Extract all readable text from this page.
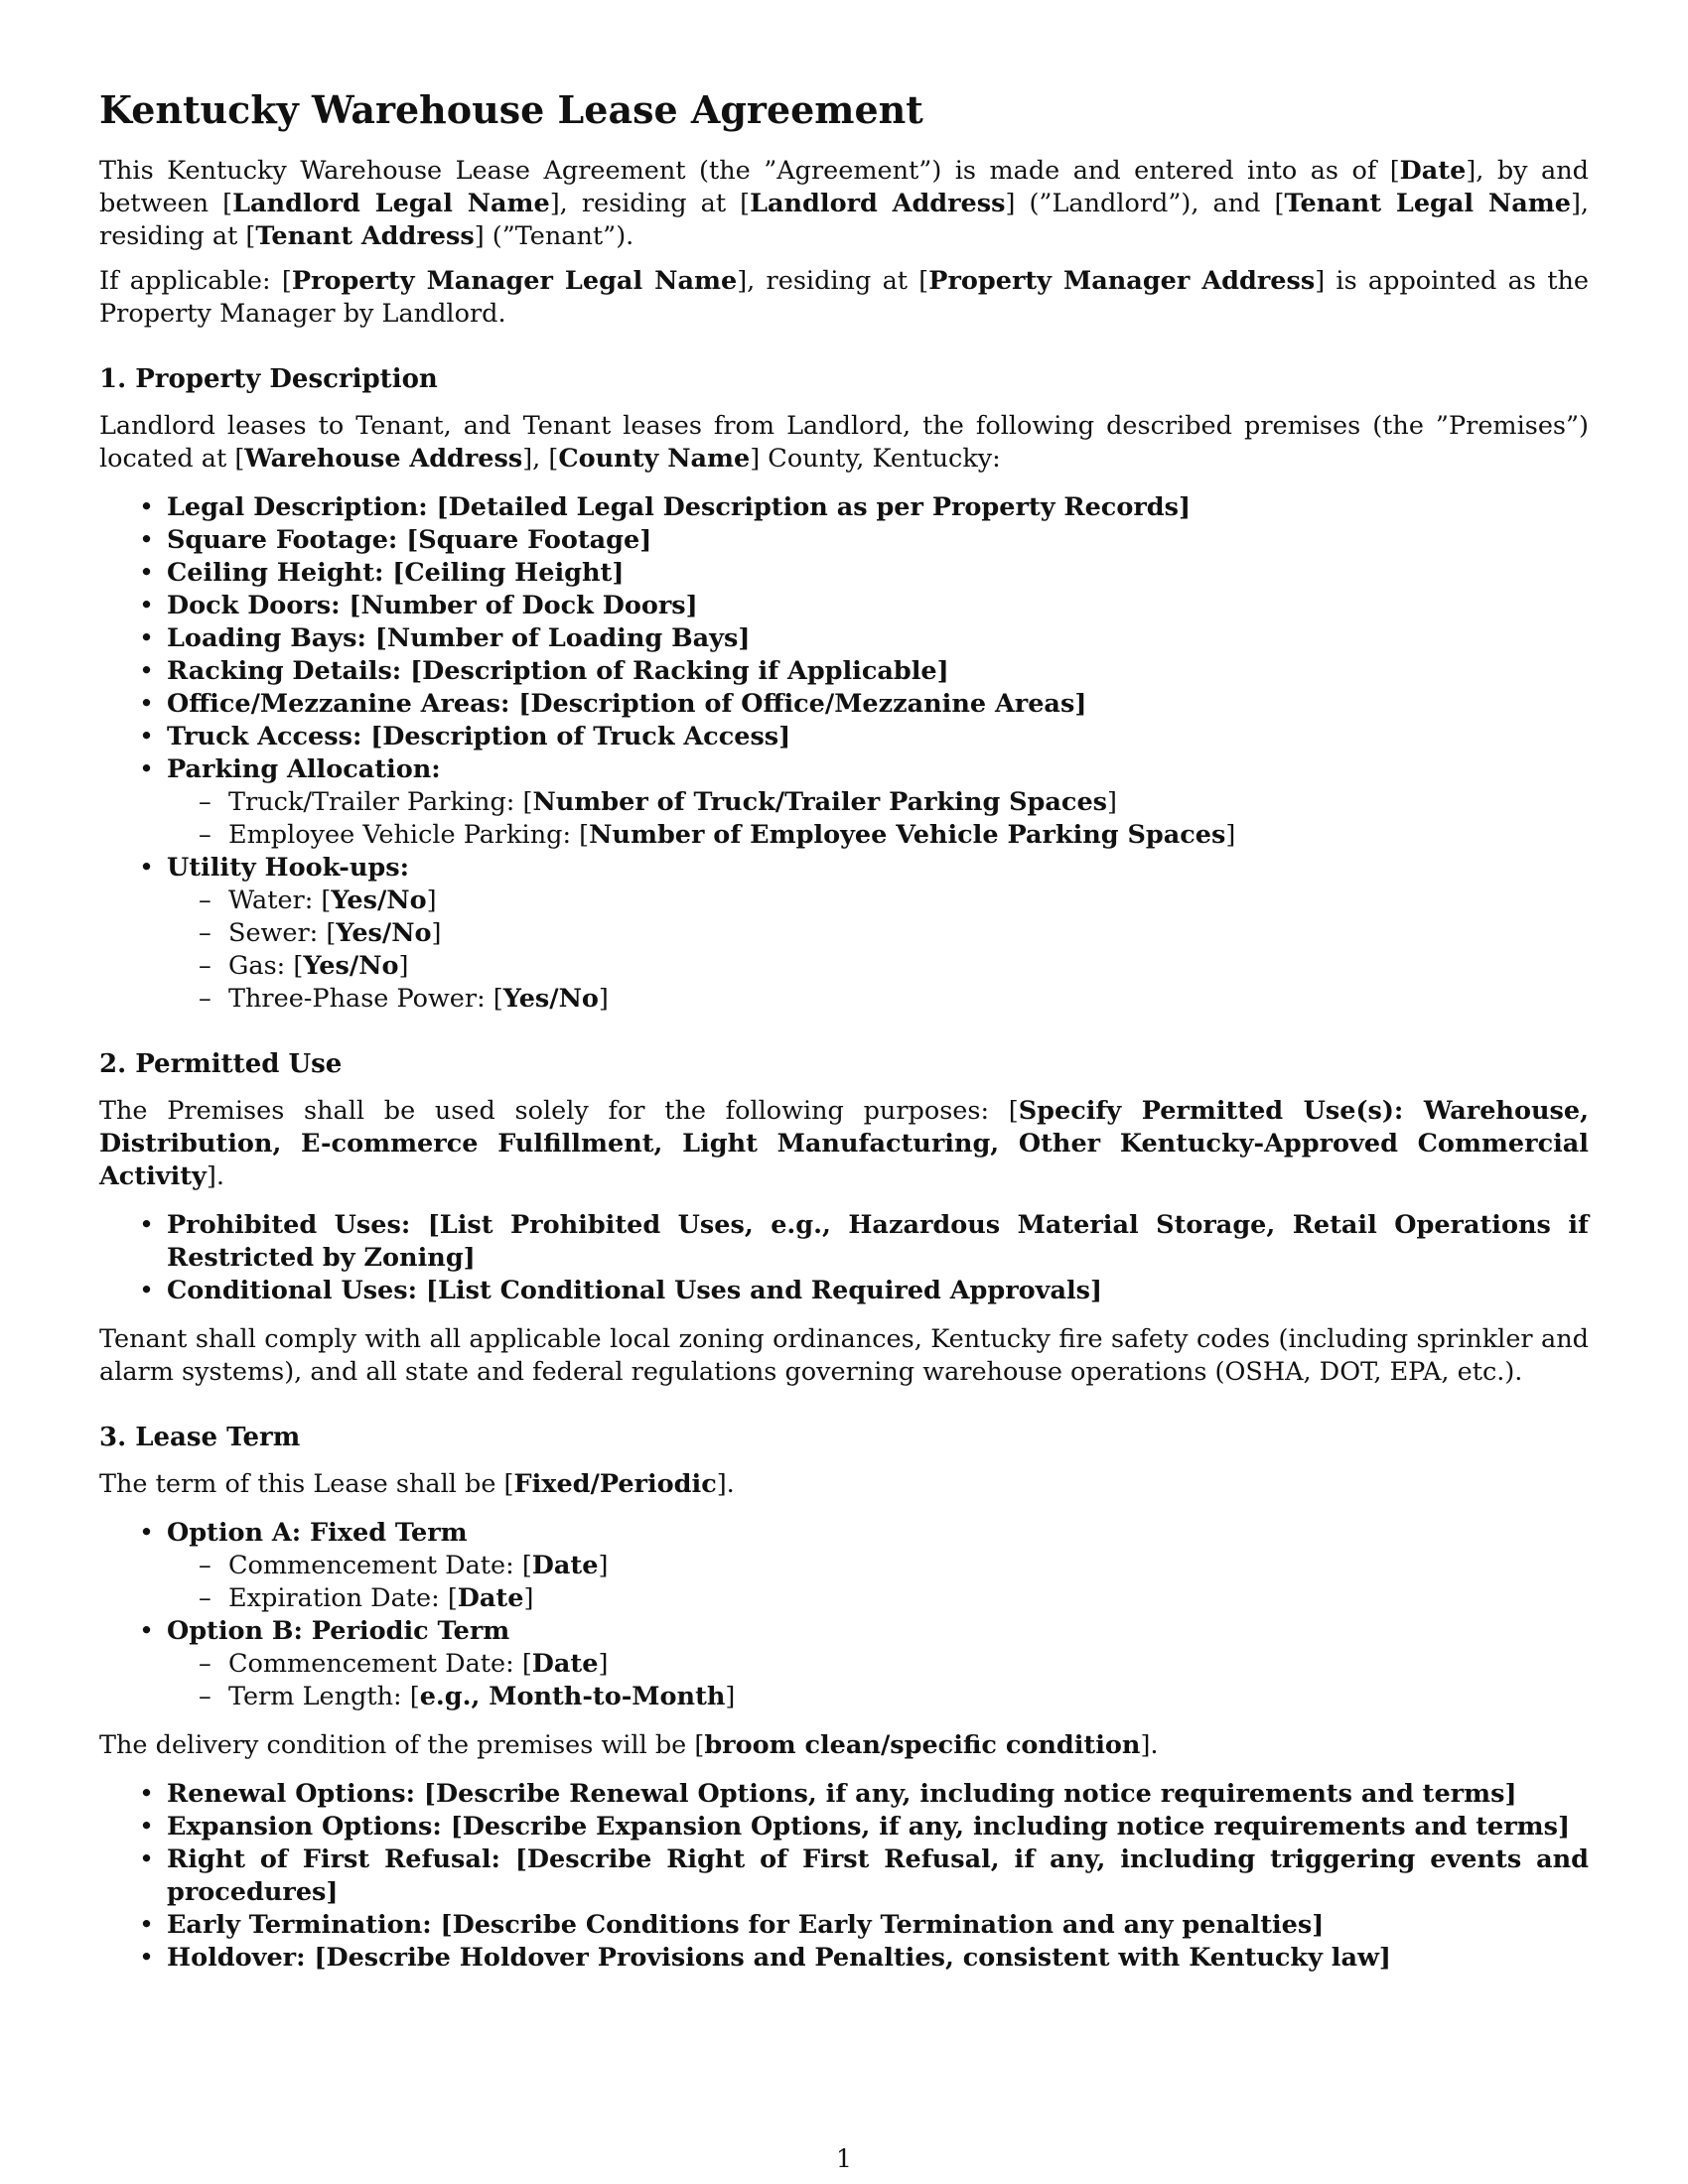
Kentucky Warehouse Lease Agreement

This Kentucky Warehouse Lease Agreement (the ”Agreement”) is made and entered into as of [Date], by and between [Landlord Legal Name], residing at [Landlord Address] (”Landlord”), and [Tenant Legal Name], residing at [Tenant Address] (”Tenant”).

If applicable: [Property Manager Legal Name], residing at [Property Manager Address] is appointed as the Property Manager by Landlord.

1. Property Description

Landlord leases to Tenant, and Tenant leases from Landlord, the following described premises (the ”Premises”) located at [Warehouse Address], [County Name] County, Kentucky:

• Legal Description: [Detailed Legal Description as per Property Records]
• Square Footage: [Square Footage]
• Ceiling Height: [Ceiling Height]
• Dock Doors: [Number of Dock Doors]
• Loading Bays: [Number of Loading Bays]
• Racking Details: [Description of Racking if Applicable]
• Office/Mezzanine Areas: [Description of Office/Mezzanine Areas]
• Truck Access: [Description of Truck Access]
• Parking Allocation:
– Truck/Trailer Parking: [Number of Truck/Trailer Parking Spaces]
– Employee Vehicle Parking: [Number of Employee Vehicle Parking Spaces]
• Utility Hook-ups:
– Water: [Yes/No]
– Sewer: [Yes/No]
– Gas: [Yes/No]
– Three-Phase Power: [Yes/No]
2. Permitted Use

The Premises shall be used solely for the following purposes: [Specify Permitted Use(s): Warehouse, Distribution, E-commerce Fulfillment, Light Manufacturing, Other Kentucky-Approved Commercial Activity].

• Prohibited Uses: [List Prohibited Uses, e.g., Hazardous Material Storage, Retail Operations if Restricted by Zoning]
• Conditional Uses: [List Conditional Uses and Required Approvals]

Tenant shall comply with all applicable local zoning ordinances, Kentucky fire safety codes (including sprinkler and alarm systems), and all state and federal regulations governing warehouse operations (OSHA, DOT, EPA, etc.).

3. Lease Term

The term of this Lease shall be [Fixed/Periodic].

• Option A: Fixed Term
– Commencement Date: [Date]
– Expiration Date: [Date]
• Option B: Periodic Term
– Commencement Date: [Date]
– Term Length: [e.g., Month-to-Month]

The delivery condition of the premises will be [broom clean/specific condition].

• Renewal Options: [Describe Renewal Options, if any, including notice requirements and terms]
• Expansion Options: [Describe Expansion Options, if any, including notice requirements and terms]
• Right of First Refusal: [Describe Right of First Refusal, if any, including triggering events and procedures]
• Early Termination: [Describe Conditions for Early Termination and any penalties]
• Holdover: [Describe Holdover Provisions and Penalties, consistent with Kentucky law]
1
